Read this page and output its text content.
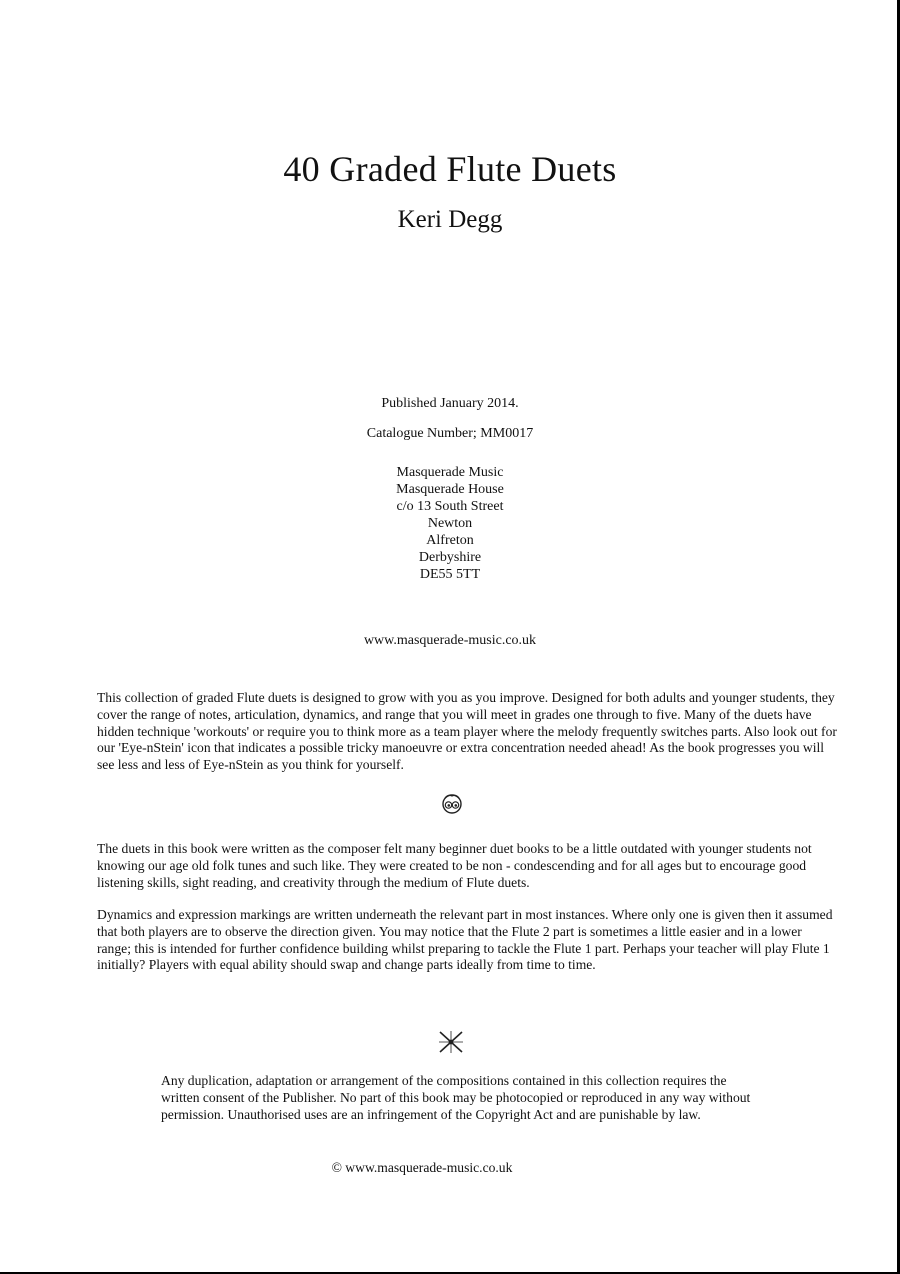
40 Graded Flute Duets
Keri Degg
Published January 2014.
Catalogue Number; MM0017
Masquerade Music
Masquerade House
c/o 13 South Street
Newton
Alfreton
Derbyshire
DE55 5TT
www.masquerade-music.co.uk
This collection of graded Flute duets is designed to grow with you as you improve. Designed for both adults and younger students, they cover the range of notes, articulation, dynamics, and range that you will meet in grades one through to five. Many of the duets have hidden technique 'workouts' or require you to think more as a team player where the melody frequently switches parts. Also look out for our 'Eye-nStein' icon that indicates a possible tricky manoeuvre or extra concentration needed ahead! As the book progresses you will see less and less of Eye-nStein as you think for yourself.
The duets in this book were written as the composer felt many beginner duet books to be a little outdated with younger students not knowing our age old folk tunes and such like. They were created to be non - condescending and for all ages but to encourage good listening skills, sight reading, and creativity through the medium of Flute duets.
Dynamics and expression markings are written underneath the relevant part in most instances. Where only one is given then it assumed that both players are to observe the direction given. You may notice that the Flute 2 part is sometimes a little easier and in a lower range; this is intended for further confidence building whilst preparing to tackle the Flute 1 part. Perhaps your teacher will play Flute 1 initially? Players with equal ability should swap and change parts ideally from time to time.
Any duplication, adaptation or arrangement of the compositions contained in this collection requires the written consent of the Publisher. No part of this book may be photocopied or reproduced in any way without permission. Unauthorised uses are an infringement of the Copyright Act and are punishable by law.
© www.masquerade-music.co.uk
